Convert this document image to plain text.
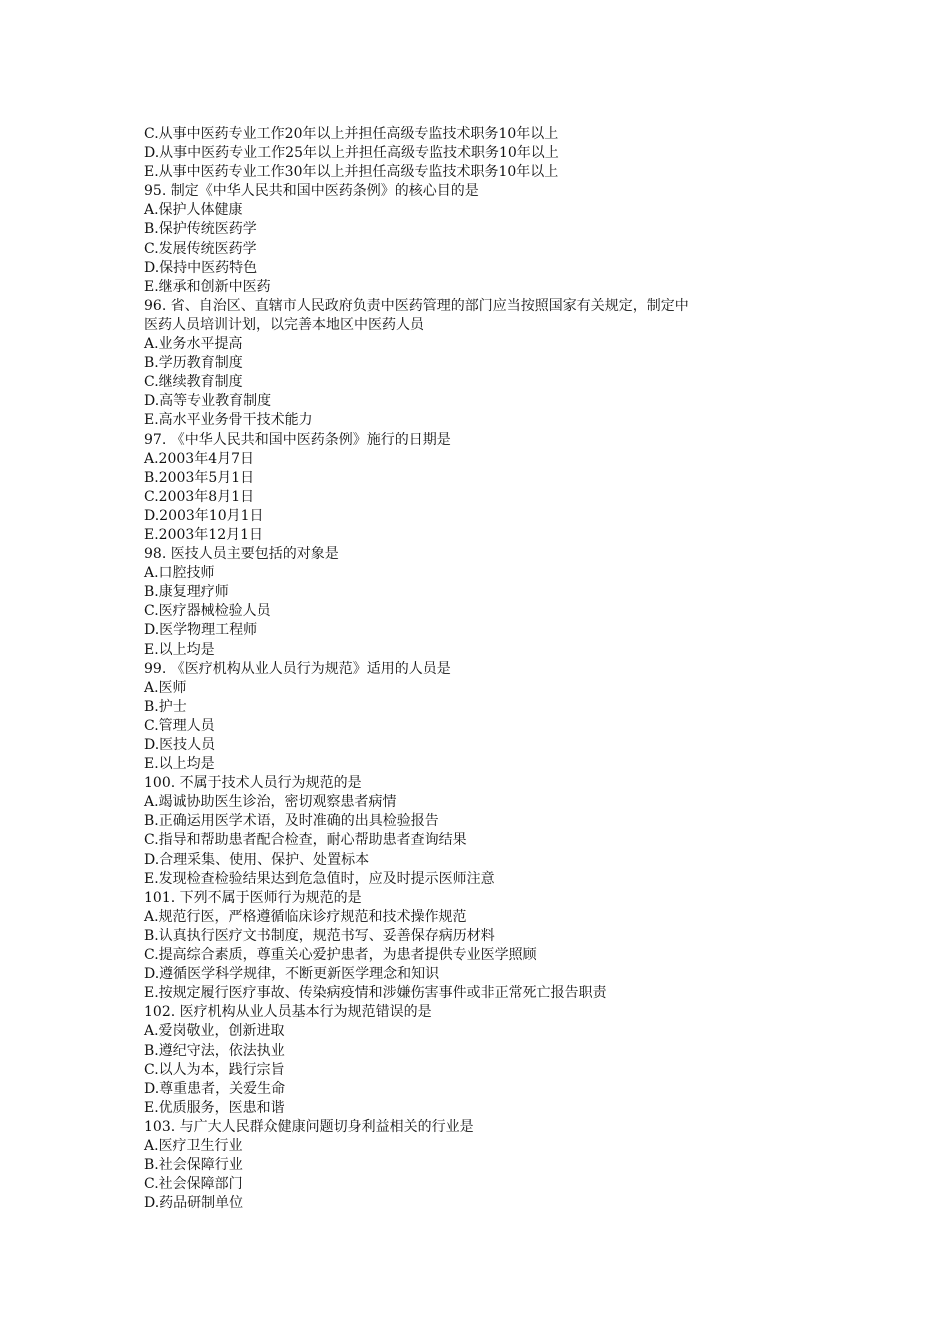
C.从事中医药专业工作20年以上并担任高级专监技术职务10年以上
D.从事中医药专业工作25年以上并担任高级专监技术职务10年以上
E.从事中医药专业工作30年以上并担任高级专监技术职务10年以上
95. 制定《中华人民共和国中医药条例》的核心目的是
A.保护人体健康
B.保护传统医药学
C.发展传统医药学
D.保持中医药特色
E.继承和创新中医药
96. 省、自治区、直辖市人民政府负责中医药管理的部门应当按照国家有关规定，制定中
医药人员培训计划，以完善本地区中医药人员
A.业务水平提高
B.学历教育制度
C.继续教育制度
D.高等专业教育制度
E.高水平业务骨干技术能力
97. 《中华人民共和国中医药条例》施行的日期是
A.2003年4月7日
B.2003年5月1日
C.2003年8月1日
D.2003年10月1日
E.2003年12月1日
98. 医技人员主要包括的对象是
A.口腔技师
B.康复理疗师
C.医疗器械检验人员
D.医学物理工程师
E.以上均是
99. 《医疗机构从业人员行为规范》适用的人员是
A.医师
B.护士
C.管理人员
D.医技人员
E.以上均是
100. 不属于技术人员行为规范的是
A.竭诚协助医生诊治，密切观察患者病情
B.正确运用医学术语，及时准确的出具检验报告
C.指导和帮助患者配合检查，耐心帮助患者查询结果
D.合理采集、使用、保护、处置标本
E.发现检查检验结果达到危急值时，应及时提示医师注意
101. 下列不属于医师行为规范的是
A.规范行医，严格遵循临床诊疗规范和技术操作规范
B.认真执行医疗文书制度，规范书写、妥善保存病历材料
C.提高综合素质，尊重关心爱护患者，为患者提供专业医学照顾
D.遵循医学科学规律，不断更新医学理念和知识
E.按规定履行医疗事故、传染病疫情和涉嫌伤害事件或非正常死亡报告职责
102. 医疗机构从业人员基本行为规范错误的是
A.爱岗敬业，创新进取
B.遵纪守法，依法执业
C.以人为本，践行宗旨
D.尊重患者，关爱生命
E.优质服务，医患和谐
103. 与广大人民群众健康问题切身利益相关的行业是
A.医疗卫生行业
B.社会保障行业
C.社会保障部门
D.药品研制单位
